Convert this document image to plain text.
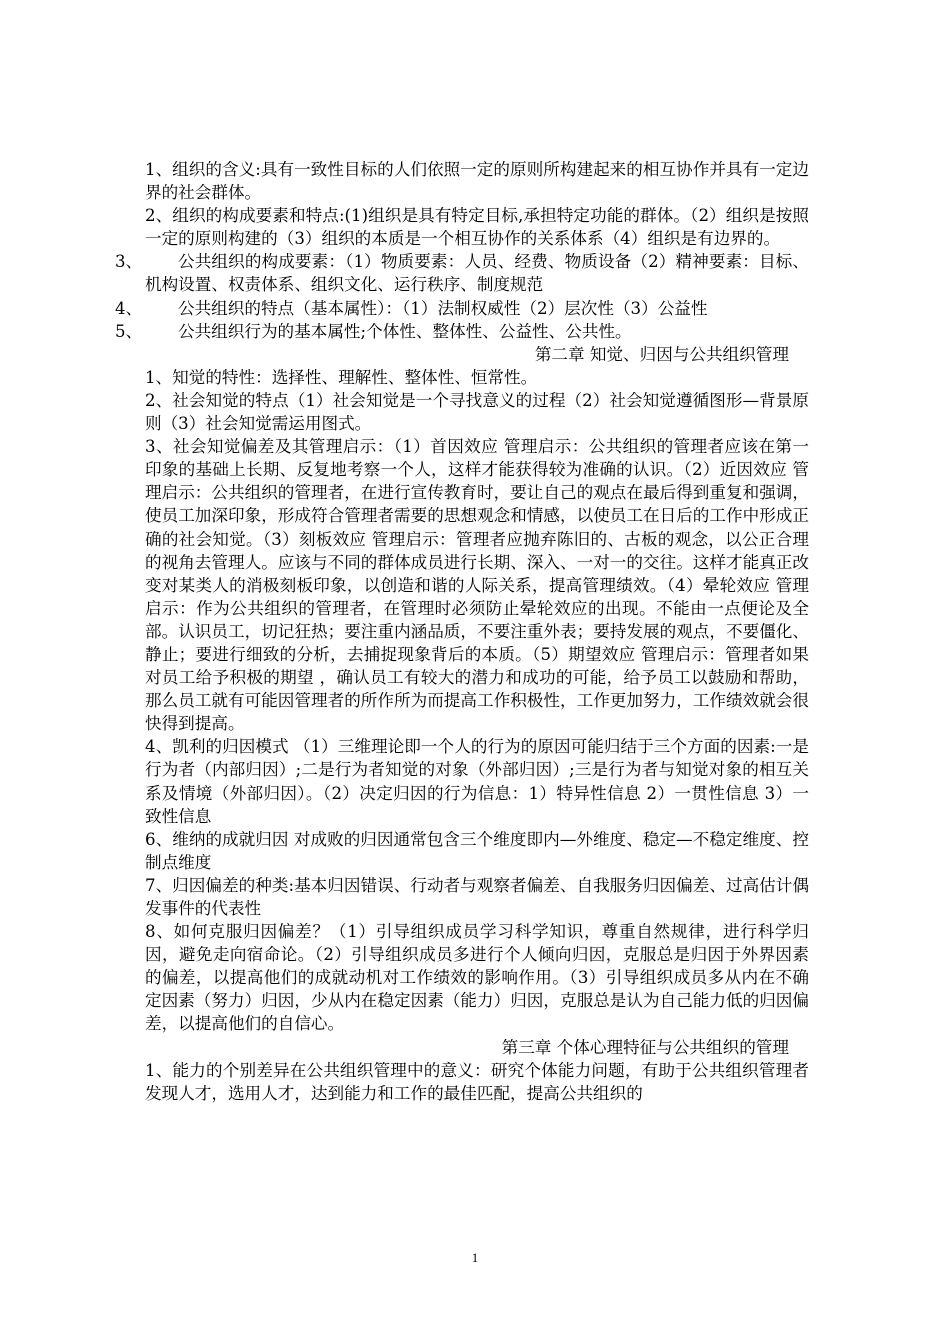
1、组织的含义:具有一致性目标的人们依照一定的原则所构建起来的相互协作并具有一定边界的社会群体。
2、组织的构成要素和特点:(1)组织是具有特定目标,承担特定功能的群体。（2）组织是按照一定的原则构建的（3）组织的本质是一个相互协作的关系体系（4）组织是有边界的。
3、 公共组织的构成要素：（1）物质要素：人员、经费、物质设备（2）精神要素：目标、机构设置、权责体系、组织文化、运行秩序、制度规范
4、 公共组织的特点（基本属性）：（1）法制权威性（2）层次性（3）公益性
5、 公共组织行为的基本属性;个体性、整体性、公益性、公共性。
第二章 知觉、归因与公共组织管理
1、知觉的特性：选择性、理解性、整体性、恒常性。
2、社会知觉的特点（1）社会知觉是一个寻找意义的过程（2）社会知觉遵循图形—背景原则（3）社会知觉需运用图式。
3、社会知觉偏差及其管理启示：（1）首因效应 管理启示：公共组织的管理者应该在第一印象的基础上长期、反复地考察一个人，这样才能获得较为准确的认识。（2）近因效应 管理启示：公共组织的管理者，在进行宣传教育时，要让自己的观点在最后得到重复和强调，使员工加深印象，形成符合管理者需要的思想观念和情感，以使员工在日后的工作中形成正确的社会知觉。（3）刻板效应 管理启示：管理者应抛弃陈旧的、古板的观念，以公正合理的视角去管理人。应该与不同的群体成员进行长期、深入、一对一的交往。这样才能真正改变对某类人的消极刻板印象，以创造和谐的人际关系，提高管理绩效。（4）晕轮效应 管理启示：作为公共组织的管理者，在管理时必须防止晕轮效应的出现。不能由一点便论及全部。认识员工，切记狂热；要注重内涵品质，不要注重外表；要持发展的观点，不要僵化、静止；要进行细致的分析，去捕捉现象背后的本质。（5）期望效应 管理启示：管理者如果对员工给予积极的期望 ，确认员工有较大的潜力和成功的可能，给予员工以鼓励和帮助，那么员工就有可能因管理者的所作所为而提高工作积极性，工作更加努力，工作绩效就会很快得到提高。
4、凯利的归因模式 （1）三维理论即一个人的行为的原因可能归结于三个方面的因素:一是行为者（内部归因）;二是行为者知觉的对象（外部归因）;三是行为者与知觉对象的相互关系及情境（外部归因）。（2）决定归因的行为信息：1）特异性信息 2）一贯性信息 3）一致性信息
6、维纳的成就归因 对成败的归因通常包含三个维度即内—外维度、稳定—不稳定维度、控制点维度
7、归因偏差的种类:基本归因错误、行动者与观察者偏差、自我服务归因偏差、过高估计偶发事件的代表性
8、如何克服归因偏差？（1）引导组织成员学习科学知识，尊重自然规律，进行科学归因，避免走向宿命论。（2）引导组织成员多进行个人倾向归因，克服总是归因于外界因素的偏差，以提高他们的成就动机对工作绩效的影响作用。（3）引导组织成员多从内在不确定因素（努力）归因，少从内在稳定因素（能力）归因，克服总是认为自己能力低的归因偏差，以提高他们的自信心。
第三章 个体心理特征与公共组织的管理
1、能力的个别差异在公共组织管理中的意义：研究个体能力问题，有助于公共组织管理者发现人才，选用人才，达到能力和工作的最佳匹配，提高公共组织的
1
